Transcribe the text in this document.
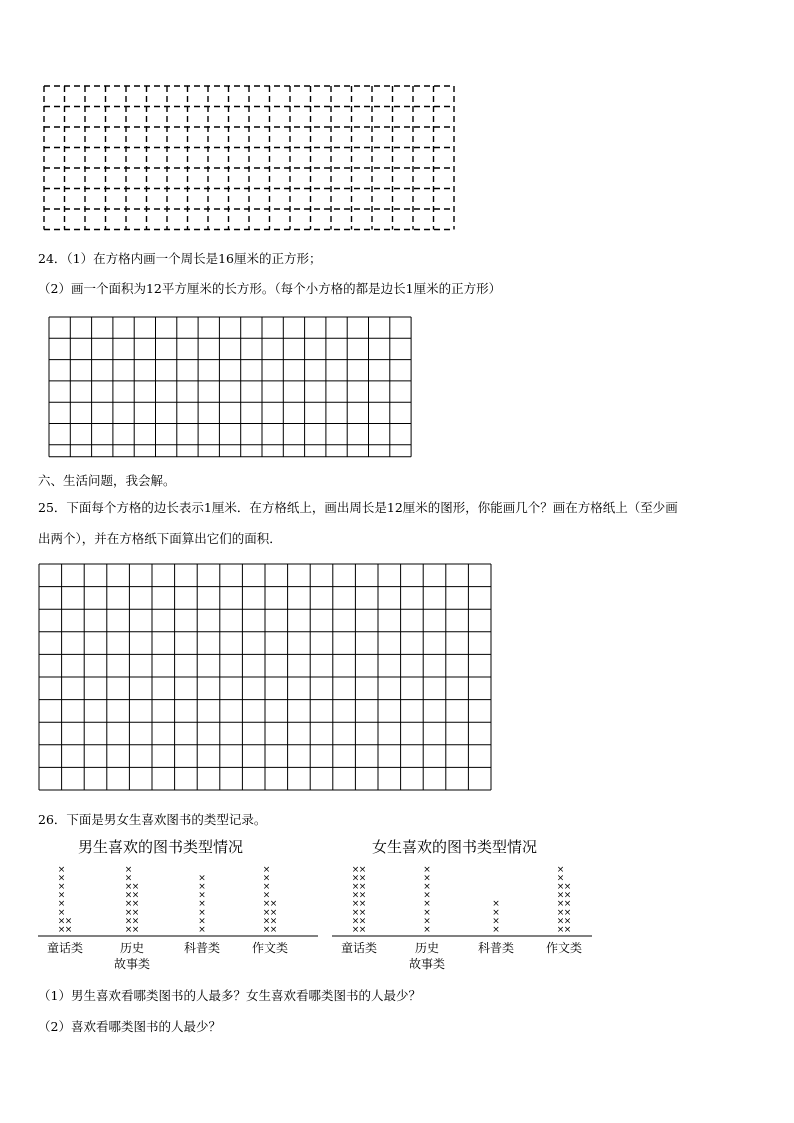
24．（1）在方格内画一个周长是16厘米的正方形；
（2）画一个面积为12平方厘米的长方形。（每个小方格的都是边长1厘米的正方形）
六、生活问题，我会解。
25．下面每个方格的边长表示1厘米．在方格纸上，画出周长是12厘米的图形，你能画几个？画在方格纸上（至少画
出两个），并在方格纸下面算出它们的面积．
26．下面是男女生喜欢图书的类型记录。
男生喜欢的图书类型情况
×
×
×
×
×
×
×
×
×
×
童话类
×
×
×
×
×
×
×
×
×
×
×
×
×
×
历史
故事类
×
×
×
×
×
×
×
科普类
×
×
×
×
×
×
×
×
×
×
×
×
作文类
女生喜欢的图书类型情况
×
×
×
×
×
×
×
×
×
×
×
×
×
×
×
×
童话类
×
×
×
×
×
×
×
×
历史
故事类
×
×
×
×
科普类
×
×
×
×
×
×
×
×
×
×
×
×
×
×
作文类
（1）男生喜欢看哪类图书的人最多？女生喜欢看哪类图书的人最少？
（2）喜欢看哪类图书的人最少？
